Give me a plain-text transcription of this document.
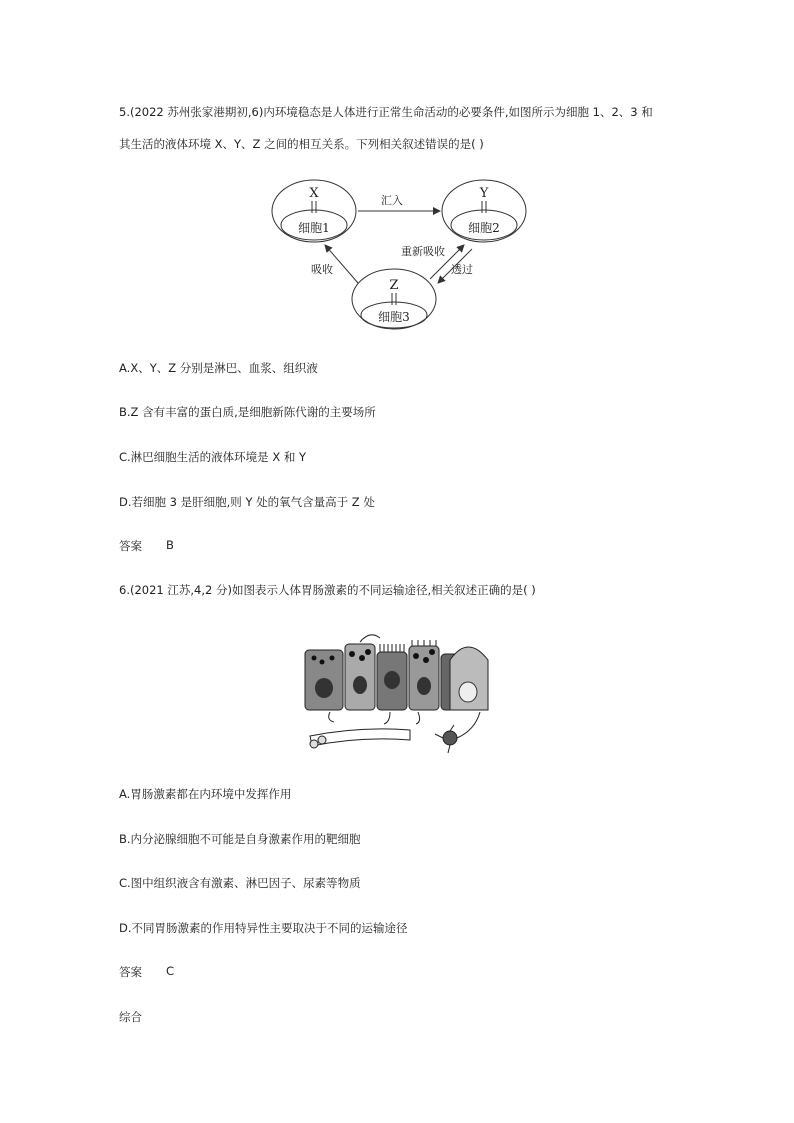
5.(2022 苏州张家港期初,6)内环境稳态是人体进行正常生命活动的必要条件,如图所示为细胞 1、2、3 和
其生活的液体环境 X、Y、Z 之间的相互关系。下列相关叙述错误的是( )
X
细胞1
Y
细胞2
Z
细胞3
汇入
吸收
重新吸收
透过
A.X、Y、Z 分别是淋巴、血浆、组织液
B.Z 含有丰富的蛋白质,是细胞新陈代谢的主要场所
C.淋巴细胞生活的液体环境是 X 和 Y
D.若细胞 3 是肝细胞,则 Y 处的氧气含量高于 Z 处
答案 B
6.(2021 江苏,4,2 分)如图表示人体胃肠激素的不同运输途径,相关叙述正确的是( )
A.胃肠激素都在内环境中发挥作用
B.内分泌腺细胞不可能是自身激素作用的靶细胞
C.图中组织液含有激素、淋巴因子、尿素等物质
D.不同胃肠激素的作用特异性主要取决于不同的运输途径
答案 C
综合
